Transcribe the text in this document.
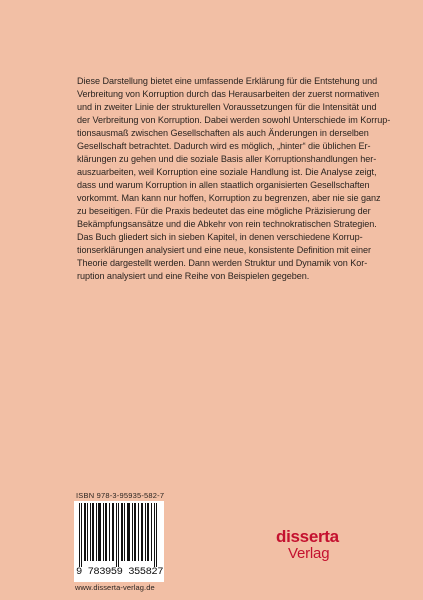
Diese Darstellung bietet eine umfassende Erklärung für die Entstehung und
Verbreitung von Korruption durch das Herausarbeiten der zuerst normativen
und in zweiter Linie der strukturellen Voraussetzungen für die Intensität und
der Verbreitung von Korruption. Dabei werden sowohl Unterschiede im Korrup-
tionsausmaß zwischen Gesellschaften als auch Änderungen in derselben
Gesellschaft betrachtet. Dadurch wird es möglich, „hinter“ die üblichen Er-
klärungen zu gehen und die soziale Basis aller Korruptionshandlungen her-
auszuarbeiten, weil Korruption eine soziale Handlung ist. Die Analyse zeigt,
dass und warum Korruption in allen staatlich organisierten Gesellschaften
vorkommt. Man kann nur hoffen, Korruption zu begrenzen, aber nie sie ganz
zu beseitigen. Für die Praxis bedeutet das eine mögliche Präzisierung der
Bekämpfungsansätze und die Abkehr von rein technokratischen Strategien.
Das Buch gliedert sich in sieben Kapitel, in denen verschiedene Korrup-
tionserklärungen analysiert und eine neue, konsistente Definition mit einer
Theorie dargestellt werden. Dann werden Struktur und Dynamik von Kor-
ruption analysiert und eine Reihe von Beispielen gegeben.
ISBN 978-3-95935-582-7
9 783959 355827
www.disserta-verlag.de
disserta
Verlag
